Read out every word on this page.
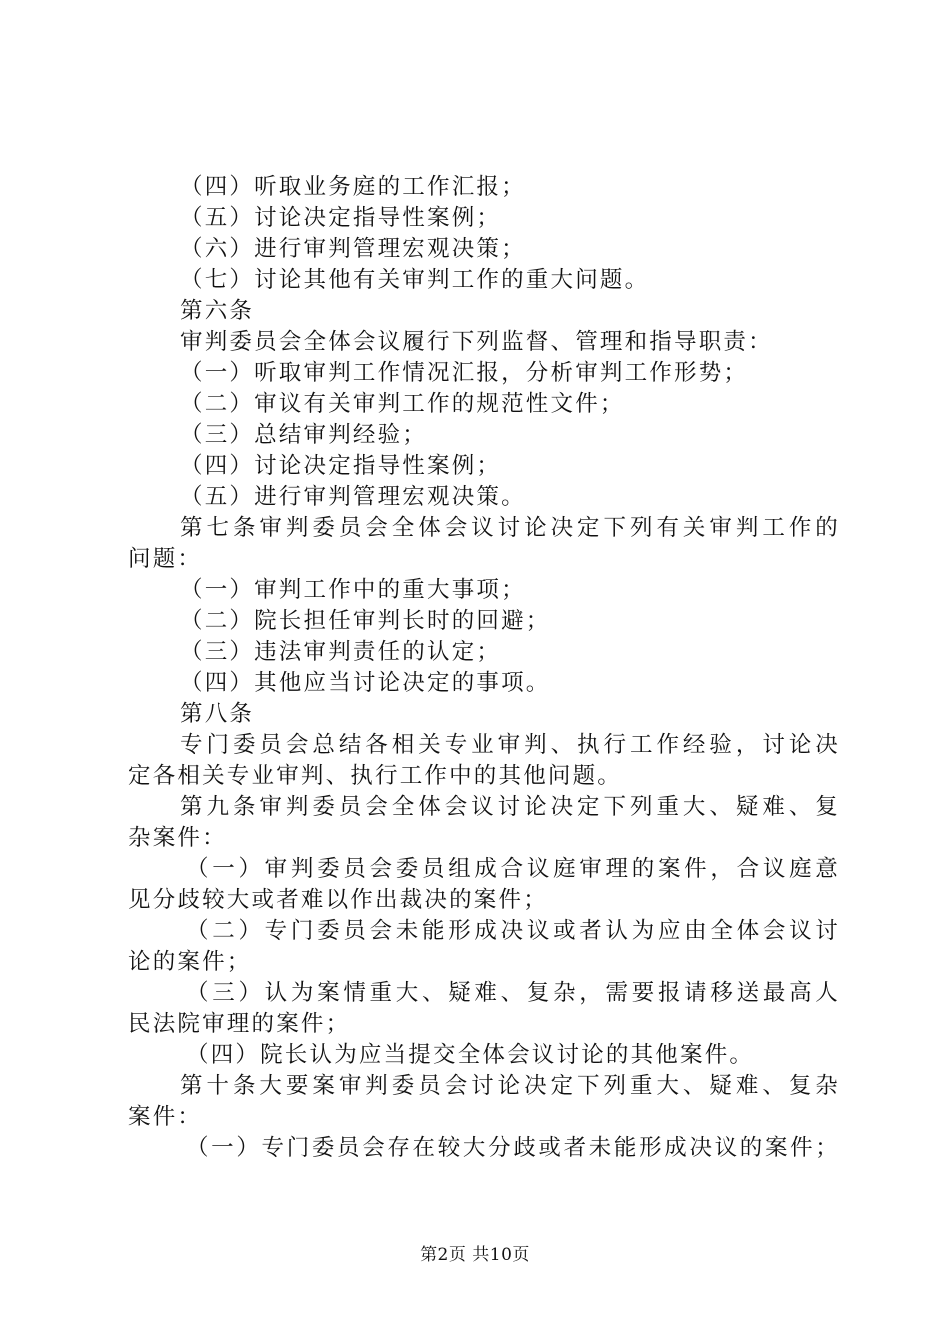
（四）听取业务庭的工作汇报；
（五）讨论决定指导性案例；
（六）进行审判管理宏观决策；
（七）讨论其他有关审判工作的重大问题。
第六条
审判委员会全体会议履行下列监督、管理和指导职责：
（一）听取审判工作情况汇报，分析审判工作形势；
（二）审议有关审判工作的规范性文件；
（三）总结审判经验；
（四）讨论决定指导性案例；
（五）进行审判管理宏观决策。
第七条审判委员会全体会议讨论决定下列有关审判工作的
问题：
（一）审判工作中的重大事项；
（二）院长担任审判长时的回避；
（三）违法审判责任的认定；
（四）其他应当讨论决定的事项。
第八条
专门委员会总结各相关专业审判、执行工作经验，讨论决
定各相关专业审判、执行工作中的其他问题。
第九条审判委员会全体会议讨论决定下列重大、疑难、复
杂案件：
（一）审判委员会委员组成合议庭审理的案件，合议庭意
见分歧较大或者难以作出裁决的案件；
（二）专门委员会未能形成决议或者认为应由全体会议讨
论的案件；
（三）认为案情重大、疑难、复杂，需要报请移送最高人
民法院审理的案件；
（四）院长认为应当提交全体会议讨论的其他案件。
第十条大要案审判委员会讨论决定下列重大、疑难、复杂
案件：
（一）专门委员会存在较大分歧或者未能形成决议的案件；
第2页 共10页
